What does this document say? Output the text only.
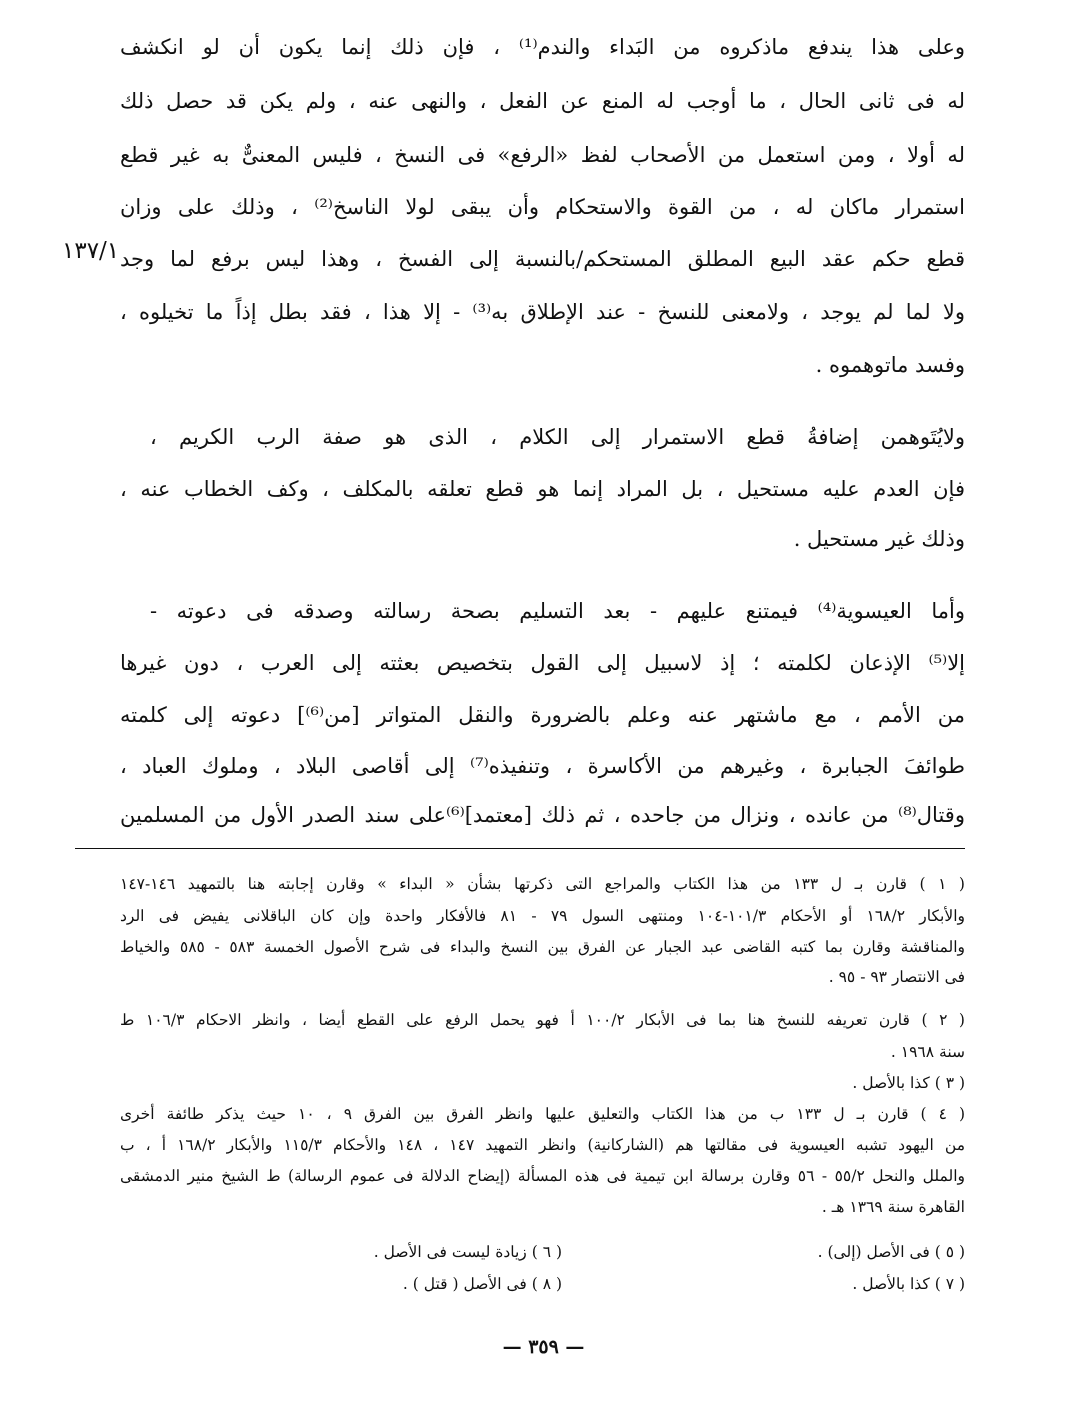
١٣٧/١
وعلى هذا يندفع ماذكروه من البَداء والندم⁽¹⁾ ، فإن ذلك إنما يكون أن لو انكشف
له فى ثانى الحال ، ما أوجب له المنع عن الفعل ، والنهى عنه ، ولم يكن قد حصل ذلك
له أولا ، ومن استعمل من الأصحاب لفظ «الرفع» فى النسخ ، فليس المعنىٌّ به غير قطع
استمرار ماكان له ، من القوة والاستحكام وأن يبقى لولا الناسخ⁽²⁾ ، وذلك على وزان
قطع حكم عقد البيع المطلق المستحكم/بالنسبة إلى الفسخ ، وهذا ليس برفع لما وجد
ولا لما لم يوجد ، ولامعنى للنسخ - عند الإطلاق به⁽³⁾ - إلا هذا ، فقد بطل إذاً ما تخيلوه ،
وفسد ماتوهموه .
ولايُتَوهمن إضافةُ قطع الاستمرار إلى الكلام ، الذى هو صفة الرب الكريم ،
فإن العدم عليه مستحيل ، بل المراد إنما هو قطع تعلقه بالمكلف ، وكف الخطاب عنه ،
وذلك غير مستحيل .
وأما العيسوية⁽⁴⁾ فيمتنع عليهم - بعد التسليم بصحة رسالته وصدقه فى دعوته -
إلا⁽⁵⁾ الإذعان لكلمته ؛ إذ لاسبيل إلى القول بتخصيص بعثته إلى العرب ، دون غيرها
من الأمم ، مع ماشتهر عنه وعلم بالضرورة والنقل المتواتر [من⁽⁶⁾] دعوته إلى كلمته
طوائفَ الجبابرة ، وغيرهم من الأكاسرة ، وتنفيذه⁽⁷⁾ إلى أقاصى البلاد ، وملوك العباد ،
وقتال⁽⁸⁾ من عانده ، ونزال من جاحده ، ثم ذلك [معتمد]⁽⁶⁾على سند الصدر الأول من المسلمين
( ١ ) قارن بـ ل ١٣٣ من هذا الكتاب والمراجع التى ذكرتها بشأن « البداء » وقارن إجابته هنا بالتمهيد ١٤٦-١٤٧
والأبكار ١٦٨/٢ أو الأحكام ١٠١/٣-١٠٤ ومنتهى السول ٧٩ - ٨١ فالأفكار واحدة وإن كان الباقلانى يفيض فى الرد
والمناقشة وقارن بما كتبه القاضى عبد الجبار عن الفرق بين النسخ والبداء فى شرح الأصول الخمسة ٥٨٣ - ٥٨٥ والخياط
فى الانتصار ٩٣ - ٩٥ .
( ٢ ) قارن تعريفه للنسخ هنا بما فى الأبكار ١٠٠/٢ أ فهو يحمل الرفع على القطع أيضا ، وانظر الاحكام ١٠٦/٣ ط
سنة ١٩٦٨ .
( ٣ ) كذا بالأصل .
( ٤ ) قارن بـ ل ١٣٣ ب من هذا الكتاب والتعليق عليها وانظر الفرق بين الفرق ٩ ، ١٠ حيث يذكر طائفة أخرى
من اليهود تشبه العيسوية فى مقالتها هم (الشاركانية) وانظر التمهيد ١٤٧ ، ١٤٨ والأحكام ١١٥/٣ والأبكار ١٦٨/٢ أ ، ب
والملل والنحل ٥٥/٢ - ٥٦ وقارن برسالة ابن تيمية فى هذه المسألة (إيضاح الدلالة فى عموم الرسالة) ط الشيخ منير الدمشقى
القاهرة سنة ١٣٦٩ هـ .
( ٥ ) فى الأصل (إلى) .
( ٦ ) زيادة ليست فى الأصل .
( ٧ ) كذا بالأصل .
( ٨ ) فى الأصل ( قتل ) .
— ٣٥٩ —
